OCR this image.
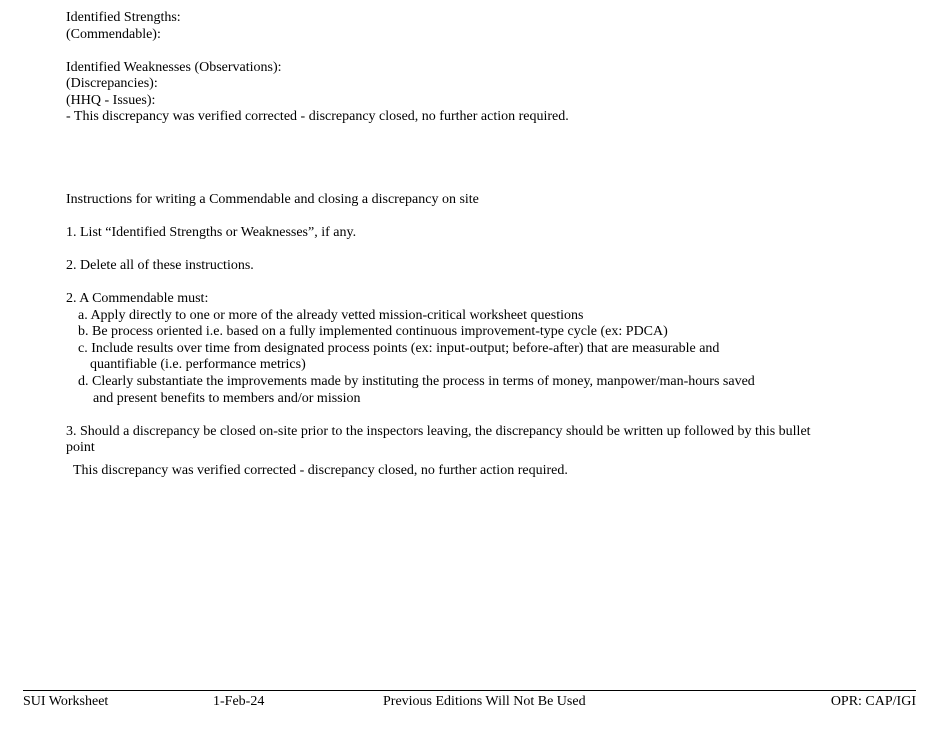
Identified Strengths:
(Commendable):
Identified Weaknesses (Observations):
(Discrepancies):
(HHQ - Issues):
- This discrepancy was verified corrected - discrepancy closed, no further action required.
Instructions for writing a Commendable and closing a discrepancy on site
1. List “Identified Strengths or Weaknesses”, if any.
2. Delete all of these instructions.
2. A Commendable must:
a. Apply directly to one or more of the already vetted mission-critical worksheet questions
b. Be process oriented i.e. based on a fully implemented continuous improvement-type cycle (ex: PDCA)
c. Include results over time from designated process points (ex: input-output; before-after) that are measurable and
quantifiable (i.e. performance metrics)
d. Clearly substantiate the improvements made by instituting the process in terms of money, manpower/man-hours saved
and present benefits to members and/or mission
3. Should a discrepancy be closed on-site prior to the inspectors leaving, the discrepancy should be written up followed by this bullet
point
This discrepancy was verified corrected - discrepancy closed, no further action required.
SUI Worksheet	1-Feb-24	Previous Editions Will Not Be Used	OPR: CAP/IGI
